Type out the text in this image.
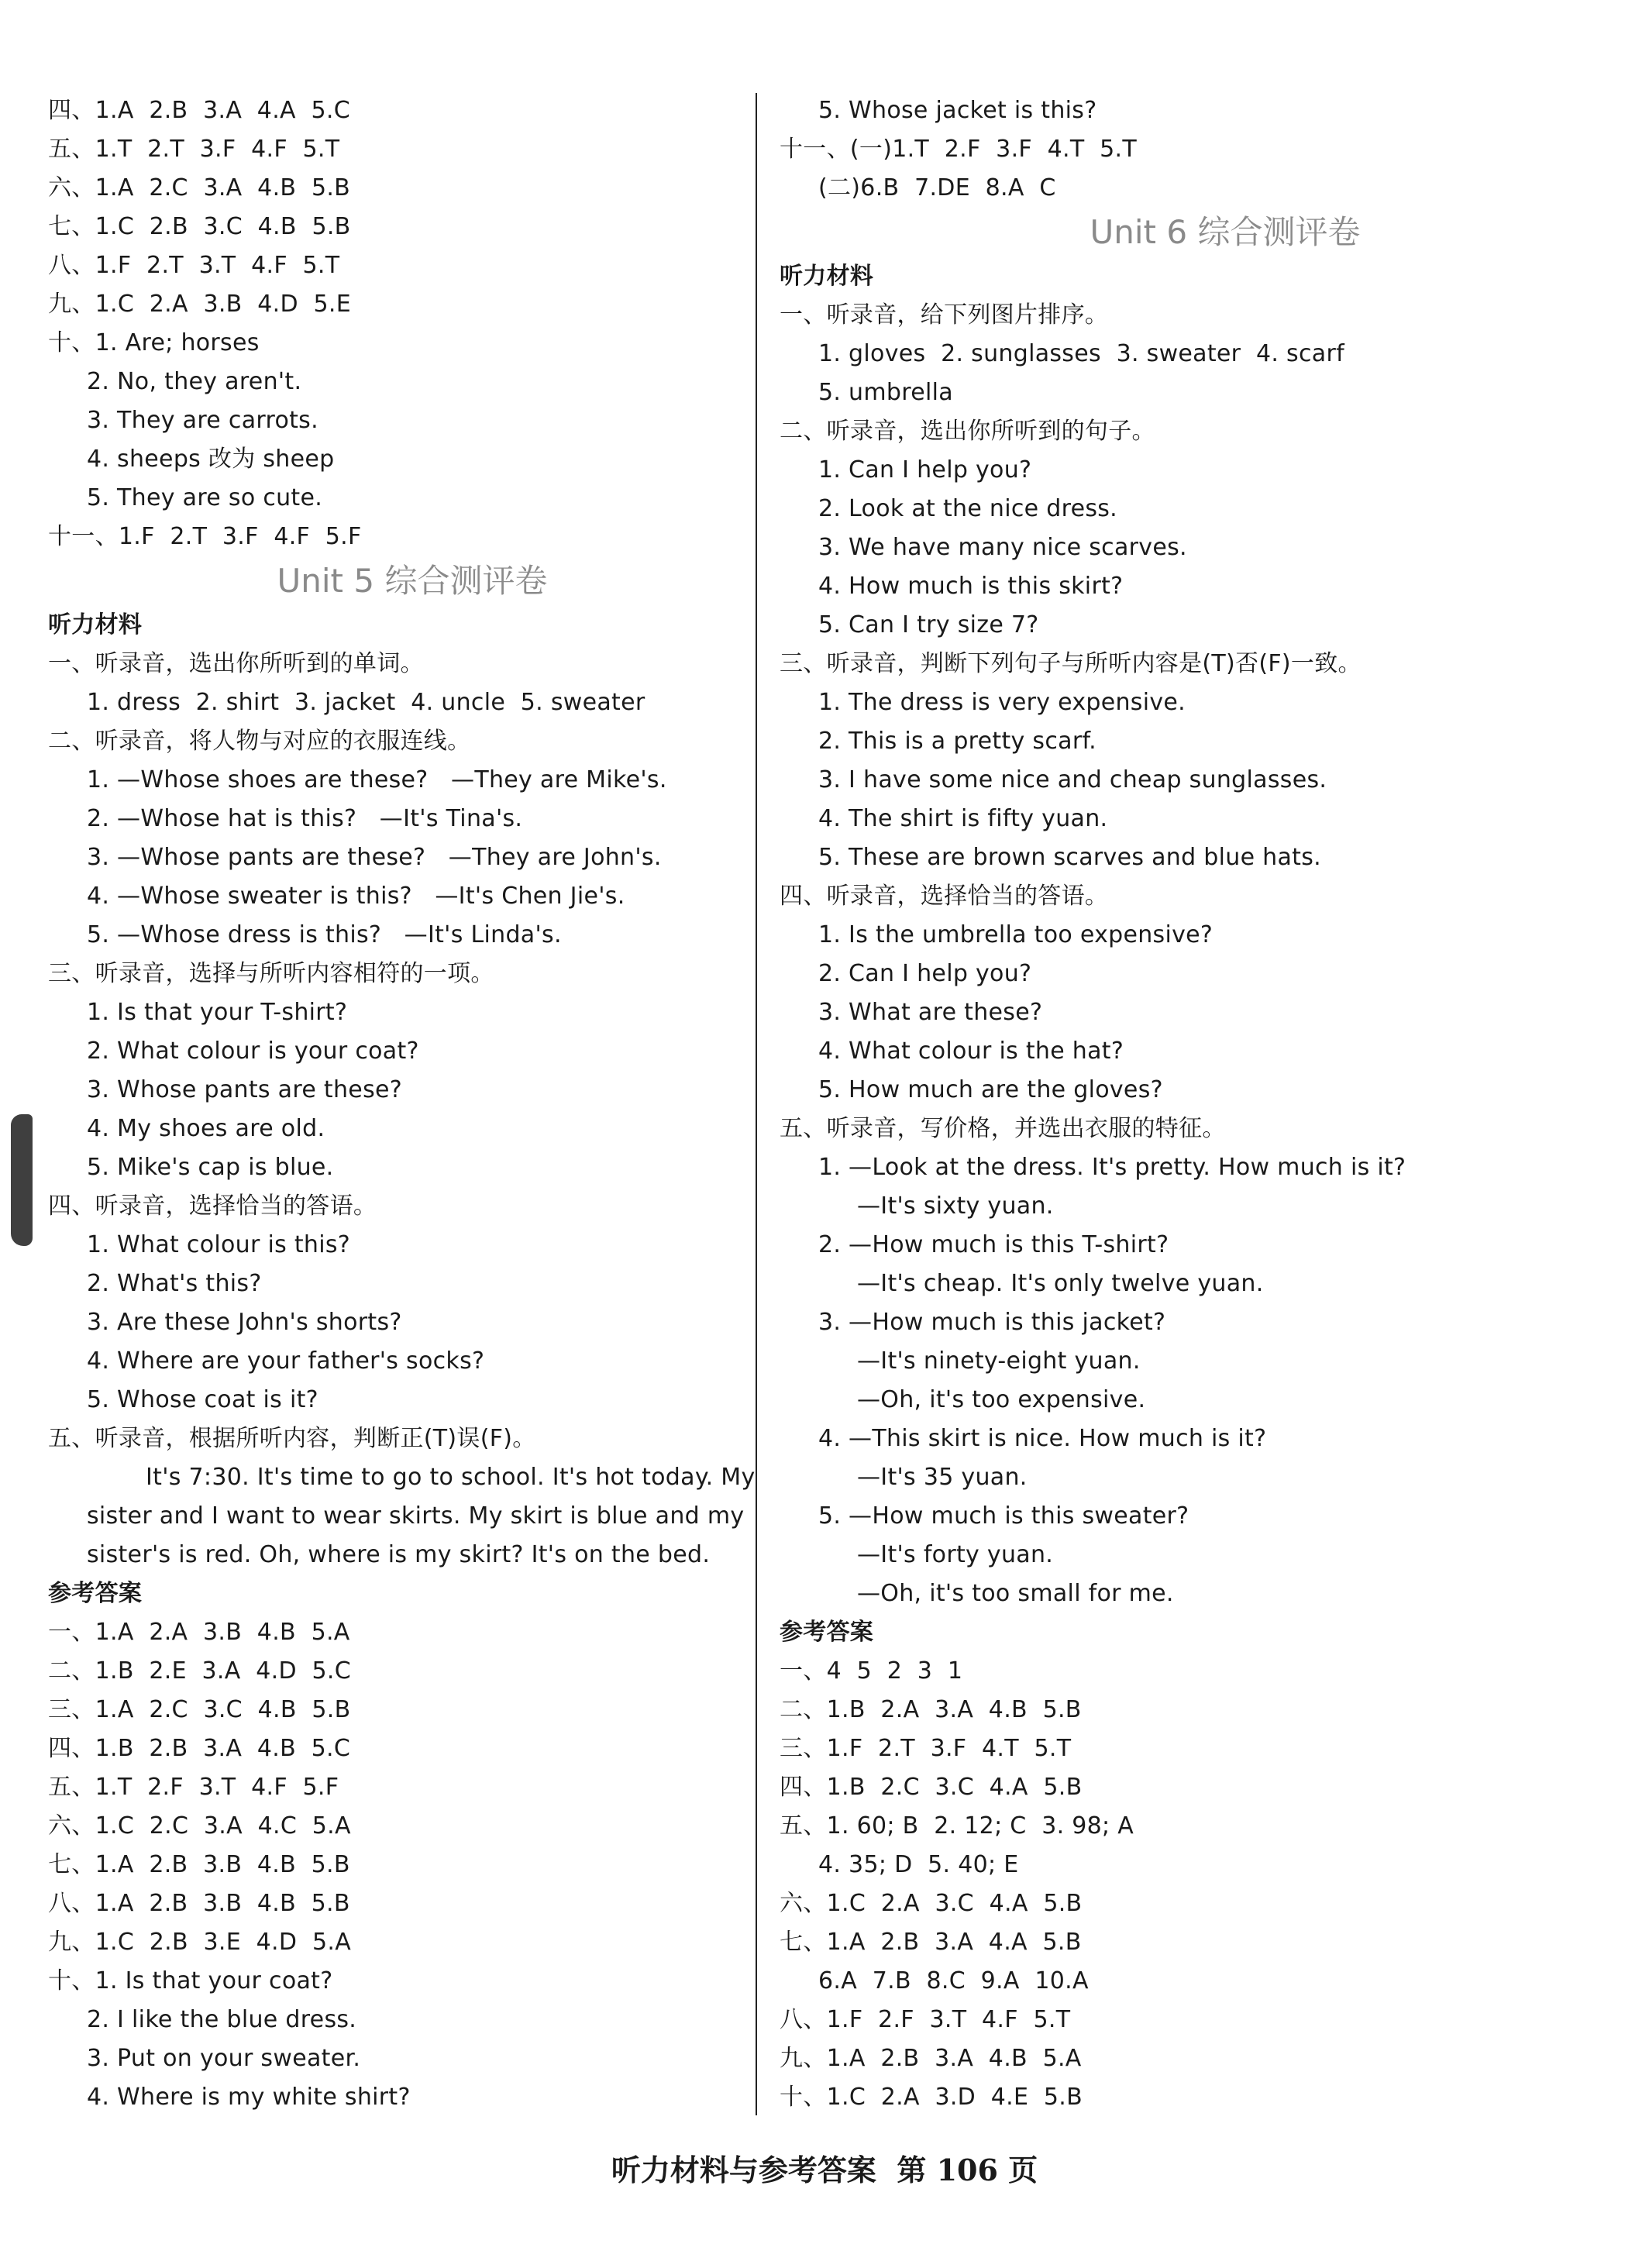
四、1.A  2.B  3.A  4.A  5.C
五、1.T  2.T  3.F  4.F  5.T
六、1.A  2.C  3.A  4.B  5.B
七、1.C  2.B  3.C  4.B  5.B
八、1.F  2.T  3.T  4.F  5.T
九、1.C  2.A  3.B  4.D  5.E
十、1. Are; horses
2. No, they aren't.
3. They are carrots.
4. sheeps 改为 sheep
5. They are so cute.
十一、1.F  2.T  3.F  4.F  5.F
Unit 5 综合测评卷
听力材料
一、听录音，选出你所听到的单词。
1. dress  2. shirt  3. jacket  4. uncle  5. sweater
二、听录音，将人物与对应的衣服连线。
1. —Whose shoes are these?   —They are Mike's.
2. —Whose hat is this?   —It's Tina's.
3. —Whose pants are these?   —They are John's.
4. —Whose sweater is this?   —It's Chen Jie's.
5. —Whose dress is this?   —It's Linda's.
三、听录音，选择与所听内容相符的一项。
1. Is that your T-shirt?
2. What colour is your coat?
3. Whose pants are these?
4. My shoes are old.
5. Mike's cap is blue.
四、听录音，选择恰当的答语。
1. What colour is this?
2. What's this?
3. Are these John's shorts?
4. Where are your father's socks?
5. Whose coat is it?
五、听录音，根据所听内容，判断正(T)误(F)。
It's 7:30. It's time to go to school. It's hot today. My
sister and I want to wear skirts. My skirt is blue and my
sister's is red. Oh, where is my skirt? It's on the bed.
参考答案
一、1.A  2.A  3.B  4.B  5.A
二、1.B  2.E  3.A  4.D  5.C
三、1.A  2.C  3.C  4.B  5.B
四、1.B  2.B  3.A  4.B  5.C
五、1.T  2.F  3.T  4.F  5.F
六、1.C  2.C  3.A  4.C  5.A
七、1.A  2.B  3.B  4.B  5.B
八、1.A  2.B  3.B  4.B  5.B
九、1.C  2.B  3.E  4.D  5.A
十、1. Is that your coat?
2. I like the blue dress.
3. Put on your sweater.
4. Where is my white shirt?
5. Whose jacket is this?
十一、(一)1.T  2.F  3.F  4.T  5.T
(二)6.B  7.DE  8.A  C
Unit 6 综合测评卷
听力材料
一、听录音，给下列图片排序。
1. gloves  2. sunglasses  3. sweater  4. scarf
5. umbrella
二、听录音，选出你所听到的句子。
1. Can I help you?
2. Look at the nice dress.
3. We have many nice scarves.
4. How much is this skirt?
5. Can I try size 7?
三、听录音，判断下列句子与所听内容是(T)否(F)一致。
1. The dress is very expensive.
2. This is a pretty scarf.
3. I have some nice and cheap sunglasses.
4. The shirt is fifty yuan.
5. These are brown scarves and blue hats.
四、听录音，选择恰当的答语。
1. Is the umbrella too expensive?
2. Can I help you?
3. What are these?
4. What colour is the hat?
5. How much are the gloves?
五、听录音，写价格，并选出衣服的特征。
1. —Look at the dress. It's pretty. How much is it?
—It's sixty yuan.
2. —How much is this T-shirt?
—It's cheap. It's only twelve yuan.
3. —How much is this jacket?
—It's ninety-eight yuan.
—Oh, it's too expensive.
4. —This skirt is nice. How much is it?
—It's 35 yuan.
5. —How much is this sweater?
—It's forty yuan.
—Oh, it's too small for me.
参考答案
一、4  5  2  3  1
二、1.B  2.A  3.A  4.B  5.B
三、1.F  2.T  3.F  4.T  5.T
四、1.B  2.C  3.C  4.A  5.B
五、1. 60; B  2. 12; C  3. 98; A
4. 35; D  5. 40; E
六、1.C  2.A  3.C  4.A  5.B
七、1.A  2.B  3.A  4.A  5.B
6.A  7.B  8.C  9.A  10.A
八、1.F  2.F  3.T  4.F  5.T
九、1.A  2.B  3.A  4.B  5.A
十、1.C  2.A  3.D  4.E  5.B
听力材料与参考答案  第 106 页
